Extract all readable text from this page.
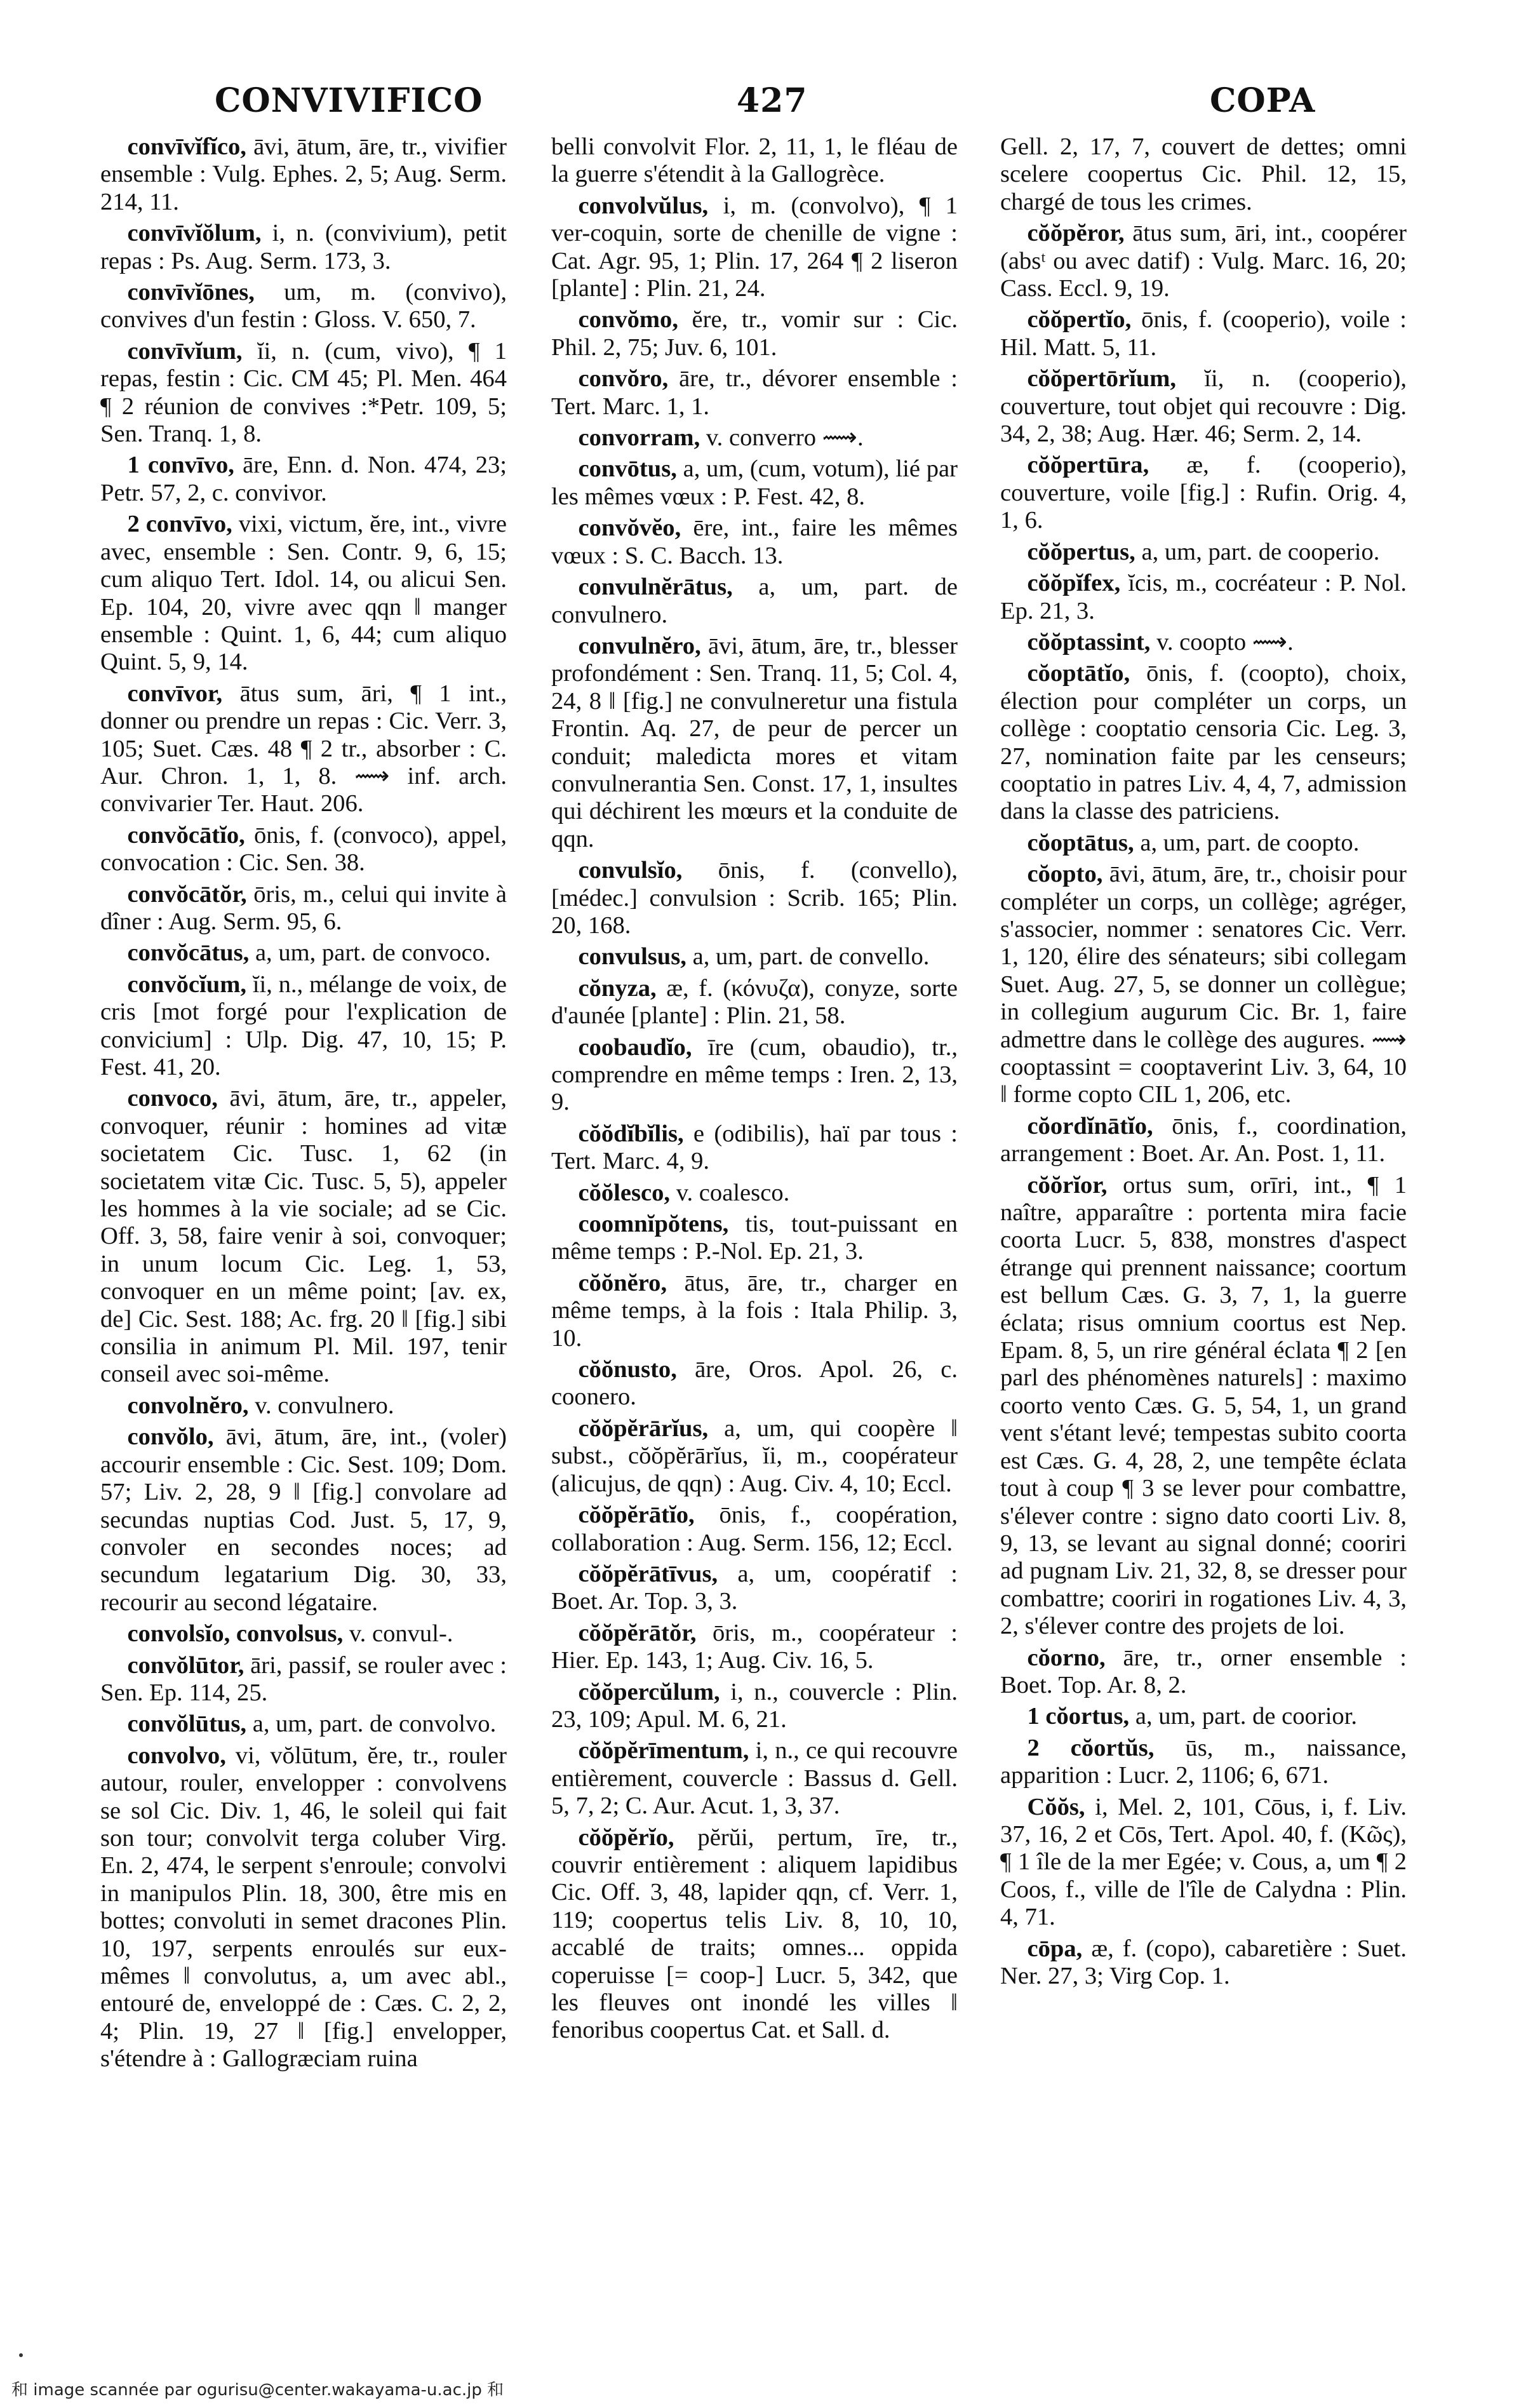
CONVIVIFICO	427	COPA

convīvĭfĭco, āvi, ātum, āre, tr., vivifier ensemble : Vulg. Ephes. 2, 5; Aug. Serm. 214, 11.

convīvĭŏlum, i, n. (convivium), petit repas : Ps. Aug. Serm. 173, 3.

convīvĭōnes, um, m. (convivo), convives d'un festin : Gloss. V. 650, 7.

convīvĭum, ĭi, n. (cum, vivo), ¶ 1 repas, festin : Cic. CM 45; Pl. Men. 464 ¶ 2 réunion de convives :*Petr. 109, 5; Sen. Tranq. 1, 8.

1 convīvo, āre, Enn. d. Non. 474, 23; Petr. 57, 2, c. convivor.

2 convīvo, vixi, victum, ĕre, int., vivre avec, ensemble : Sen. Contr. 9, 6, 15; cum aliquo Tert. Idol. 14, ou alicui Sen. Ep. 104, 20, vivre avec qqn ‖ manger ensemble : Quint. 1, 6, 44; cum aliquo Quint. 5, 9, 14.

convīvor, ātus sum, āri, ¶ 1 int., donner ou prendre un repas : Cic. Verr. 3, 105; Suet. Cæs. 48 ¶ 2 tr., absorber : C. Aur. Chron. 1, 1, 8. ⟿ inf. arch. convivarier Ter. Haut. 206.

convŏcātĭo, ōnis, f. (convoco), appel, convocation : Cic. Sen. 38.

convŏcātŏr, ōris, m., celui qui invite à dîner : Aug. Serm. 95, 6.

convŏcātus, a, um, part. de convoco.

convŏcĭum, ĭi, n., mélange de voix, de cris [mot forgé pour l'explication de convicium] : Ulp. Dig. 47, 10, 15; P. Fest. 41, 20.

convoco, āvi, ātum, āre, tr., appeler, convoquer, réunir : homines ad vitæ societatem Cic. Tusc. 1, 62 (in societatem vitæ Cic. Tusc. 5, 5), appeler les hommes à la vie sociale; ad se Cic. Off. 3, 58, faire venir à soi, convoquer; in unum locum Cic. Leg. 1, 53, convoquer en un même point; [av. ex, de] Cic. Sest. 188; Ac. frg. 20 ‖ [fig.] sibi consilia in animum Pl. Mil. 197, tenir conseil avec soi-même.

convolnĕro, v. convulnero.

convŏlo, āvi, ātum, āre, int., (voler) accourir ensemble : Cic. Sest. 109; Dom. 57; Liv. 2, 28, 9 ‖ [fig.] convolare ad secundas nuptias Cod. Just. 5, 17, 9, convoler en secondes noces; ad secundum legatarium Dig. 30, 33, recourir au second légataire.

convolsĭo, convolsus, v. convul-.

convŏlūtor, āri, passif, se rouler avec : Sen. Ep. 114, 25.

convŏlūtus, a, um, part. de convolvo.

convolvo, vi, vŏlūtum, ĕre, tr., rouler autour, rouler, envelopper : convolvens se sol Cic. Div. 1, 46, le soleil qui fait son tour; convolvit terga coluber Virg. En. 2, 474, le serpent s'enroule; convolvi in manipulos Plin. 18, 300, être mis en bottes; convoluti in semet dracones Plin. 10, 197, serpents enroulés sur eux-mêmes ‖ convolutus, a, um avec abl., entouré de, enveloppé de : Cæs. C. 2, 2, 4; Plin. 19, 27 ‖ [fig.] envelopper, s'étendre à : Gallogræciam ruina

belli convolvit Flor. 2, 11, 1, le fléau de la guerre s'étendit à la Gallogrèce.

convolvŭlus, i, m. (convolvo), ¶ 1 ver-coquin, sorte de chenille de vigne : Cat. Agr. 95, 1; Plin. 17, 264 ¶ 2 liseron [plante] : Plin. 21, 24.

convŏmo, ĕre, tr., vomir sur : Cic. Phil. 2, 75; Juv. 6, 101.

convŏro, āre, tr., dévorer ensemble : Tert. Marc. 1, 1.

convorram, v. converro ⟿.

convōtus, a, um, (cum, votum), lié par les mêmes vœux : P. Fest. 42, 8.

convŏvĕo, ēre, int., faire les mêmes vœux : S. C. Bacch. 13.

convulnĕrātus, a, um, part. de convulnero.

convulnĕro, āvi, ātum, āre, tr., blesser profondément : Sen. Tranq. 11, 5; Col. 4, 24, 8 ‖ [fig.] ne convulneretur una fistula Frontin. Aq. 27, de peur de percer un conduit; maledicta mores et vitam convulnerantia Sen. Const. 17, 1, insultes qui déchirent les mœurs et la conduite de qqn.

convulsĭo, ōnis, f. (convello), [médec.] convulsion : Scrib. 165; Plin. 20, 168.

convulsus, a, um, part. de convello.

cŏnyza, æ, f. (κόνυζα), conyze, sorte d'aunée [plante] : Plin. 21, 58.

coobaudĭo, īre (cum, obaudio), tr., comprendre en même temps : Iren. 2, 13, 9.

cŏŏdĭbĭlis, e (odibilis), haï par tous : Tert. Marc. 4, 9.

cŏŏlesco, v. coalesco.

coomnĭpŏtens, tis, tout-puissant en même temps : P.-Nol. Ep. 21, 3.

cŏŏnĕro, ātus, āre, tr., charger en même temps, à la fois : Itala Philip. 3, 10.

cŏŏnusto, āre, Oros. Apol. 26, c. coonero.

cŏŏpĕrārĭus, a, um, qui coopère ‖ subst., cŏŏpĕrārĭus, ĭi, m., coopérateur (alicujus, de qqn) : Aug. Civ. 4, 10; Eccl.

cŏŏpĕrātĭo, ōnis, f., coopération, collaboration : Aug. Serm. 156, 12; Eccl.

cŏŏpĕrātīvus, a, um, coopératif : Boet. Ar. Top. 3, 3.

cŏŏpĕrātŏr, ōris, m., coopérateur : Hier. Ep. 143, 1; Aug. Civ. 16, 5.

cŏŏpercŭlum, i, n., couvercle : Plin. 23, 109; Apul. M. 6, 21.

cŏŏpĕrīmentum, i, n., ce qui recouvre entièrement, couvercle : Bassus d. Gell. 5, 7, 2; C. Aur. Acut. 1, 3, 37.

cŏŏpĕrĭo, pĕrŭi, pertum, īre, tr., couvrir entièrement : aliquem lapidibus Cic. Off. 3, 48, lapider qqn, cf. Verr. 1, 119; coopertus telis Liv. 8, 10, 10, accablé de traits; omnes... oppida coperuisse [= coop-] Lucr. 5, 342, que les fleuves ont inondé les villes ‖ fenoribus coopertus Cat. et Sall. d.

Gell. 2, 17, 7, couvert de dettes; omni scelere coopertus Cic. Phil. 12, 15, chargé de tous les crimes.

cŏŏpĕror, ātus sum, āri, int., coopérer (absᵗ ou avec datif) : Vulg. Marc. 16, 20; Cass. Eccl. 9, 19.

cŏŏpertĭo, ōnis, f. (cooperio), voile : Hil. Matt. 5, 11.

cŏŏpertōrĭum, ĭi, n. (cooperio), couverture, tout objet qui recouvre : Dig. 34, 2, 38; Aug. Hær. 46; Serm. 2, 14.

cŏŏpertūra, æ, f. (cooperio), couverture, voile [fig.] : Rufin. Orig. 4, 1, 6.

cŏŏpertus, a, um, part. de cooperio.

cŏŏpĭfex, ĭcis, m., cocréateur : P. Nol. Ep. 21, 3.

cŏŏptassint, v. coopto ⟿.

cŏoptātĭo, ōnis, f. (coopto), choix, élection pour compléter un corps, un collège : cooptatio censoria Cic. Leg. 3, 27, nomination faite par les censeurs; cooptatio in patres Liv. 4, 4, 7, admission dans la classe des patriciens.

cŏoptātus, a, um, part. de coopto.

cŏopto, āvi, ātum, āre, tr., choisir pour compléter un corps, un collège; agréger, s'associer, nommer : senatores Cic. Verr. 1, 120, élire des sénateurs; sibi collegam Suet. Aug. 27, 5, se donner un collègue; in collegium augurum Cic. Br. 1, faire admettre dans le collège des augures. ⟿ cooptassint = cooptaverint Liv. 3, 64, 10 ‖ forme copto CIL 1, 206, etc.

cŏordĭnātĭo, ōnis, f., coordination, arrangement : Boet. Ar. An. Post. 1, 11.

cŏŏrĭor, ortus sum, orīri, int., ¶ 1 naître, apparaître : portenta mira facie coorta Lucr. 5, 838, monstres d'aspect étrange qui prennent naissance; coortum est bellum Cæs. G. 3, 7, 1, la guerre éclata; risus omnium coortus est Nep. Epam. 8, 5, un rire général éclata ¶ 2 [en parl des phénomènes naturels] : maximo coorto vento Cæs. G. 5, 54, 1, un grand vent s'étant levé; tempestas subito coorta est Cæs. G. 4, 28, 2, une tempête éclata tout à coup ¶ 3 se lever pour combattre, s'élever contre : signo dato coorti Liv. 8, 9, 13, se levant au signal donné; cooriri ad pugnam Liv. 21, 32, 8, se dresser pour combattre; cooriri in rogationes Liv. 4, 3, 2, s'élever contre des projets de loi.

cŏorno, āre, tr., orner ensemble : Boet. Top. Ar. 8, 2.

1 cŏortus, a, um, part. de coorior.

2 cŏortŭs, ūs, m., naissance, apparition : Lucr. 2, 1106; 6, 671.

Cŏŏs, i, Mel. 2, 101, Cōus, i, f. Liv. 37, 16, 2 et Cōs, Tert. Apol. 40, f. (Κῶς), ¶ 1 île de la mer Egée; v. Cous, a, um ¶ 2 Coos, f., ville de l'île de Calydna : Plin. 4, 71.

cōpa, æ, f. (copo), cabaretière : Suet. Ner. 27, 3; Virg Cop. 1.

和 image scannée par ogurisu@center.wakayama-u.ac.jp 和
